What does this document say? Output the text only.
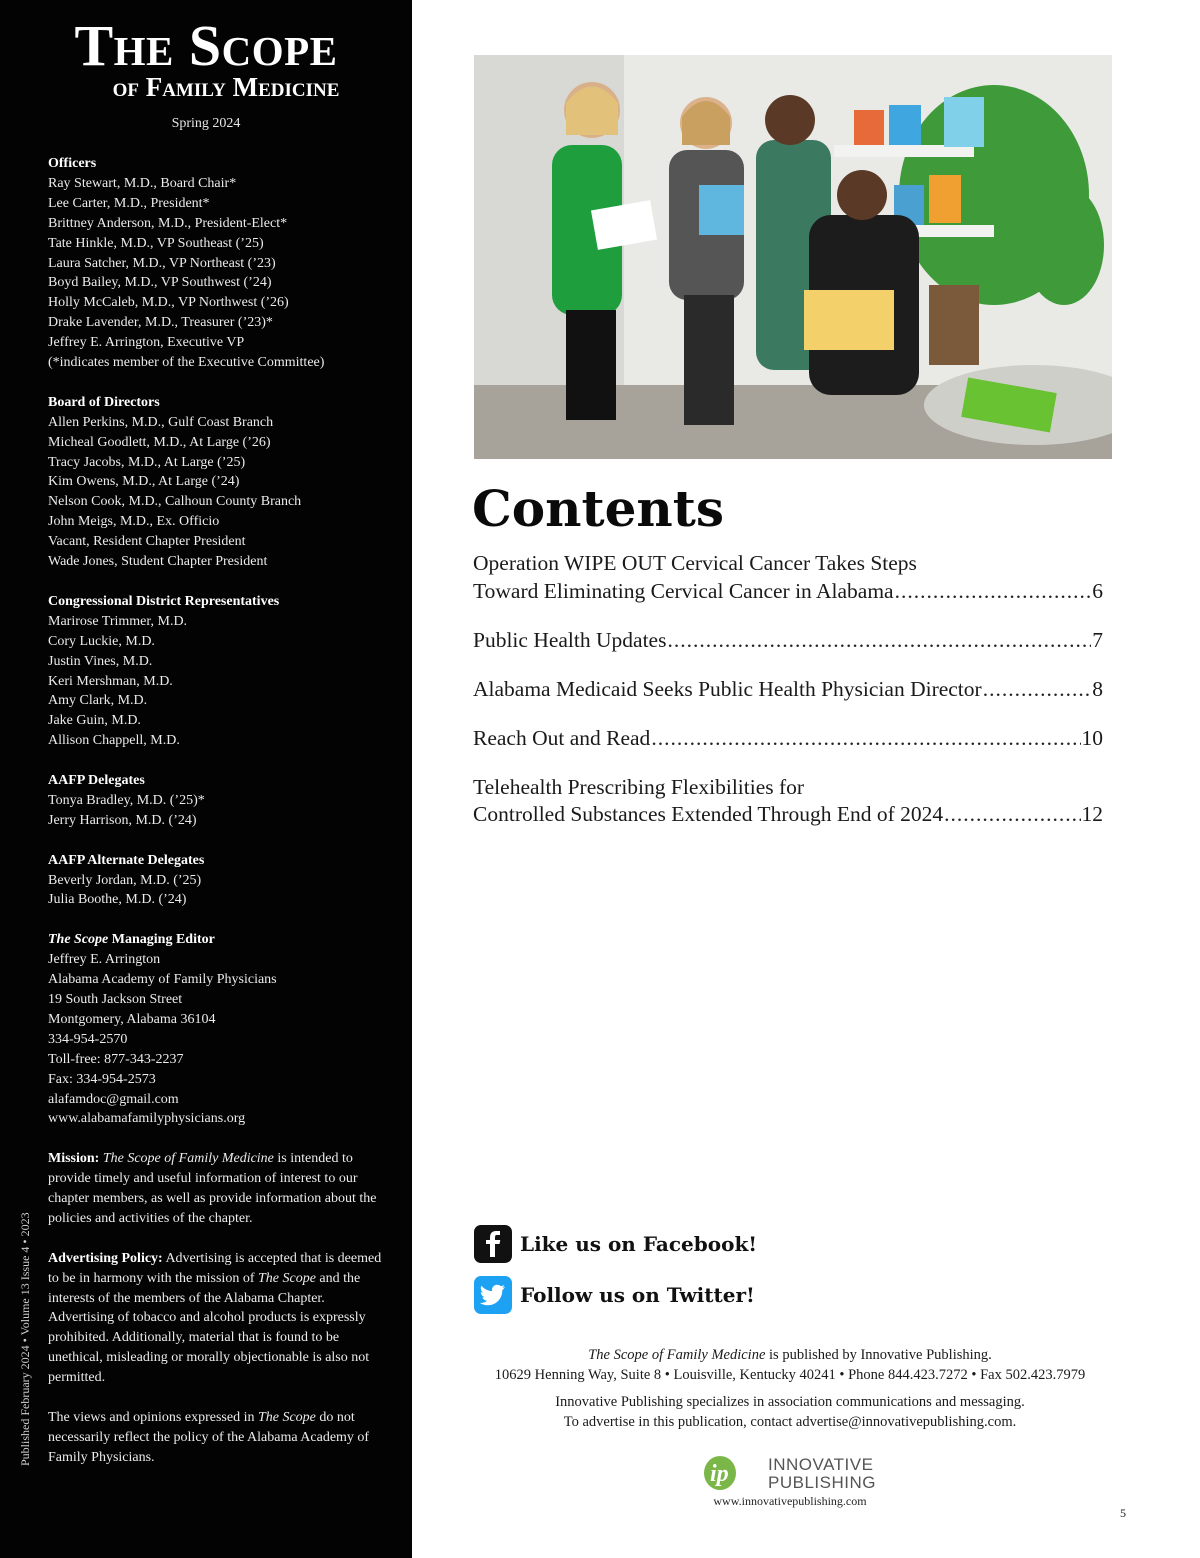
The Scope
of Family Medicine
Spring 2024
Officers
Ray Stewart, M.D., Board Chair*
Lee Carter, M.D., President*
Brittney Anderson, M.D., President-Elect*
Tate Hinkle, M.D., VP Southeast (’25)
Laura Satcher, M.D., VP Northeast (’23)
Boyd Bailey, M.D., VP Southwest (’24)
Holly McCaleb, M.D., VP Northwest (’26)
Drake Lavender, M.D., Treasurer (’23)*
Jeffrey E. Arrington, Executive VP
(*indicates member of the Executive Committee)
Board of Directors
Allen Perkins, M.D., Gulf Coast Branch
Micheal Goodlett, M.D., At Large (’26)
Tracy Jacobs, M.D., At Large (’25)
Kim Owens, M.D., At Large (’24)
Nelson Cook, M.D., Calhoun County Branch
John Meigs, M.D., Ex. Officio
Vacant, Resident Chapter President
Wade Jones, Student Chapter President
Congressional District Representatives
Marirose Trimmer, M.D.
Cory Luckie, M.D.
Justin Vines, M.D.
Keri Mershman, M.D.
Amy Clark, M.D.
Jake Guin, M.D.
Allison Chappell, M.D.
AAFP Delegates
Tonya Bradley, M.D. (’25)*
Jerry Harrison, M.D. (’24)
AAFP Alternate Delegates
Beverly Jordan, M.D. (’25)
Julia Boothe, M.D. (’24)
The Scope Managing Editor
Jeffrey E. Arrington
Alabama Academy of Family Physicians
19 South Jackson Street
Montgomery, Alabama 36104
334-954-2570
Toll-free: 877-343-2237
Fax: 334-954-2573
alafamdoc@gmail.com
www.alabamafamilyphysicians.org
Mission: The Scope of Family Medicine is intended to provide timely and useful information of interest to our chapter members, as well as provide information about the policies and activities of the chapter.
Advertising Policy: Advertising is accepted that is deemed to be in harmony with the mission of The Scope and the interests of the members of the Alabama Chapter. Advertising of tobacco and alcohol products is expressly prohibited. Additionally, material that is found to be unethical, misleading or morally objectionable is also not permitted.
The views and opinions expressed in The Scope do not necessarily reflect the policy of the Alabama Academy of Family Physicians.
Published February 2024 • Volume 13 Issue 4 • 2023
Contents
Operation WIPE OUT Cervical Cancer Takes Steps
Toward Eliminating Cervical Cancer in Alabama .....	6
Public Health Updates .....	7
Alabama Medicaid Seeks Public Health Physician Director .....	8
Reach Out and Read .....	10
Telehealth Prescribing Flexibilities for
Controlled Substances Extended Through End of 2024 .....	12
Like us on Facebook!
Follow us on Twitter!
The Scope of Family Medicine is published by Innovative Publishing.
10629 Henning Way, Suite 8 • Louisville, Kentucky 40241 • Phone 844.423.7272 • Fax 502.423.7979
Innovative Publishing specializes in association communications and messaging.
To advertise in this publication, contact advertise@innovativepublishing.com.
ip INNOVATIVE
PUBLISHING
www.innovativepublishing.com
5
